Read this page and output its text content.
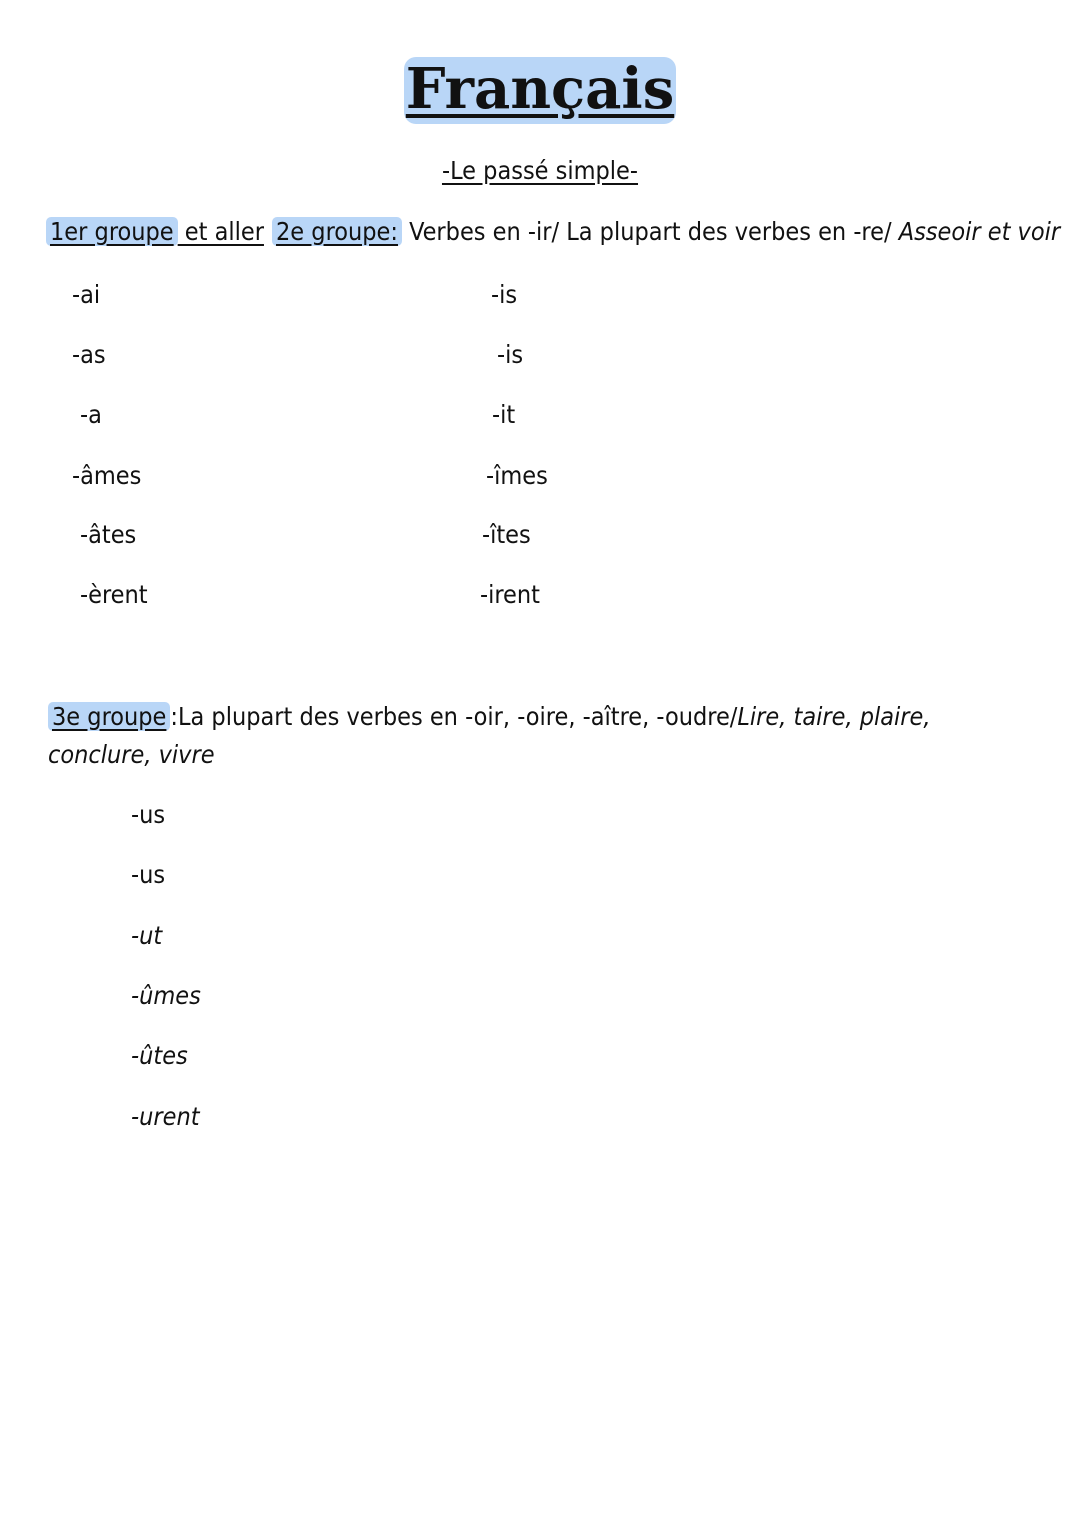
Français
-Le passé simple-
1er groupe et aller 2e groupe: Verbes en -ir/ La plupart des verbes en -re/ Asseoir et voir
-ai
-as
-a
-âmes
-âtes
-èrent
-is
-is
-it
-îmes
-îtes
-irent
3e groupe :La plupart des verbes en -oir, -oire, -aître, -oudre/Lire, taire, plaire, conclure, vivre
-us
-us
-ut
-ûmes
-ûtes
-urent
